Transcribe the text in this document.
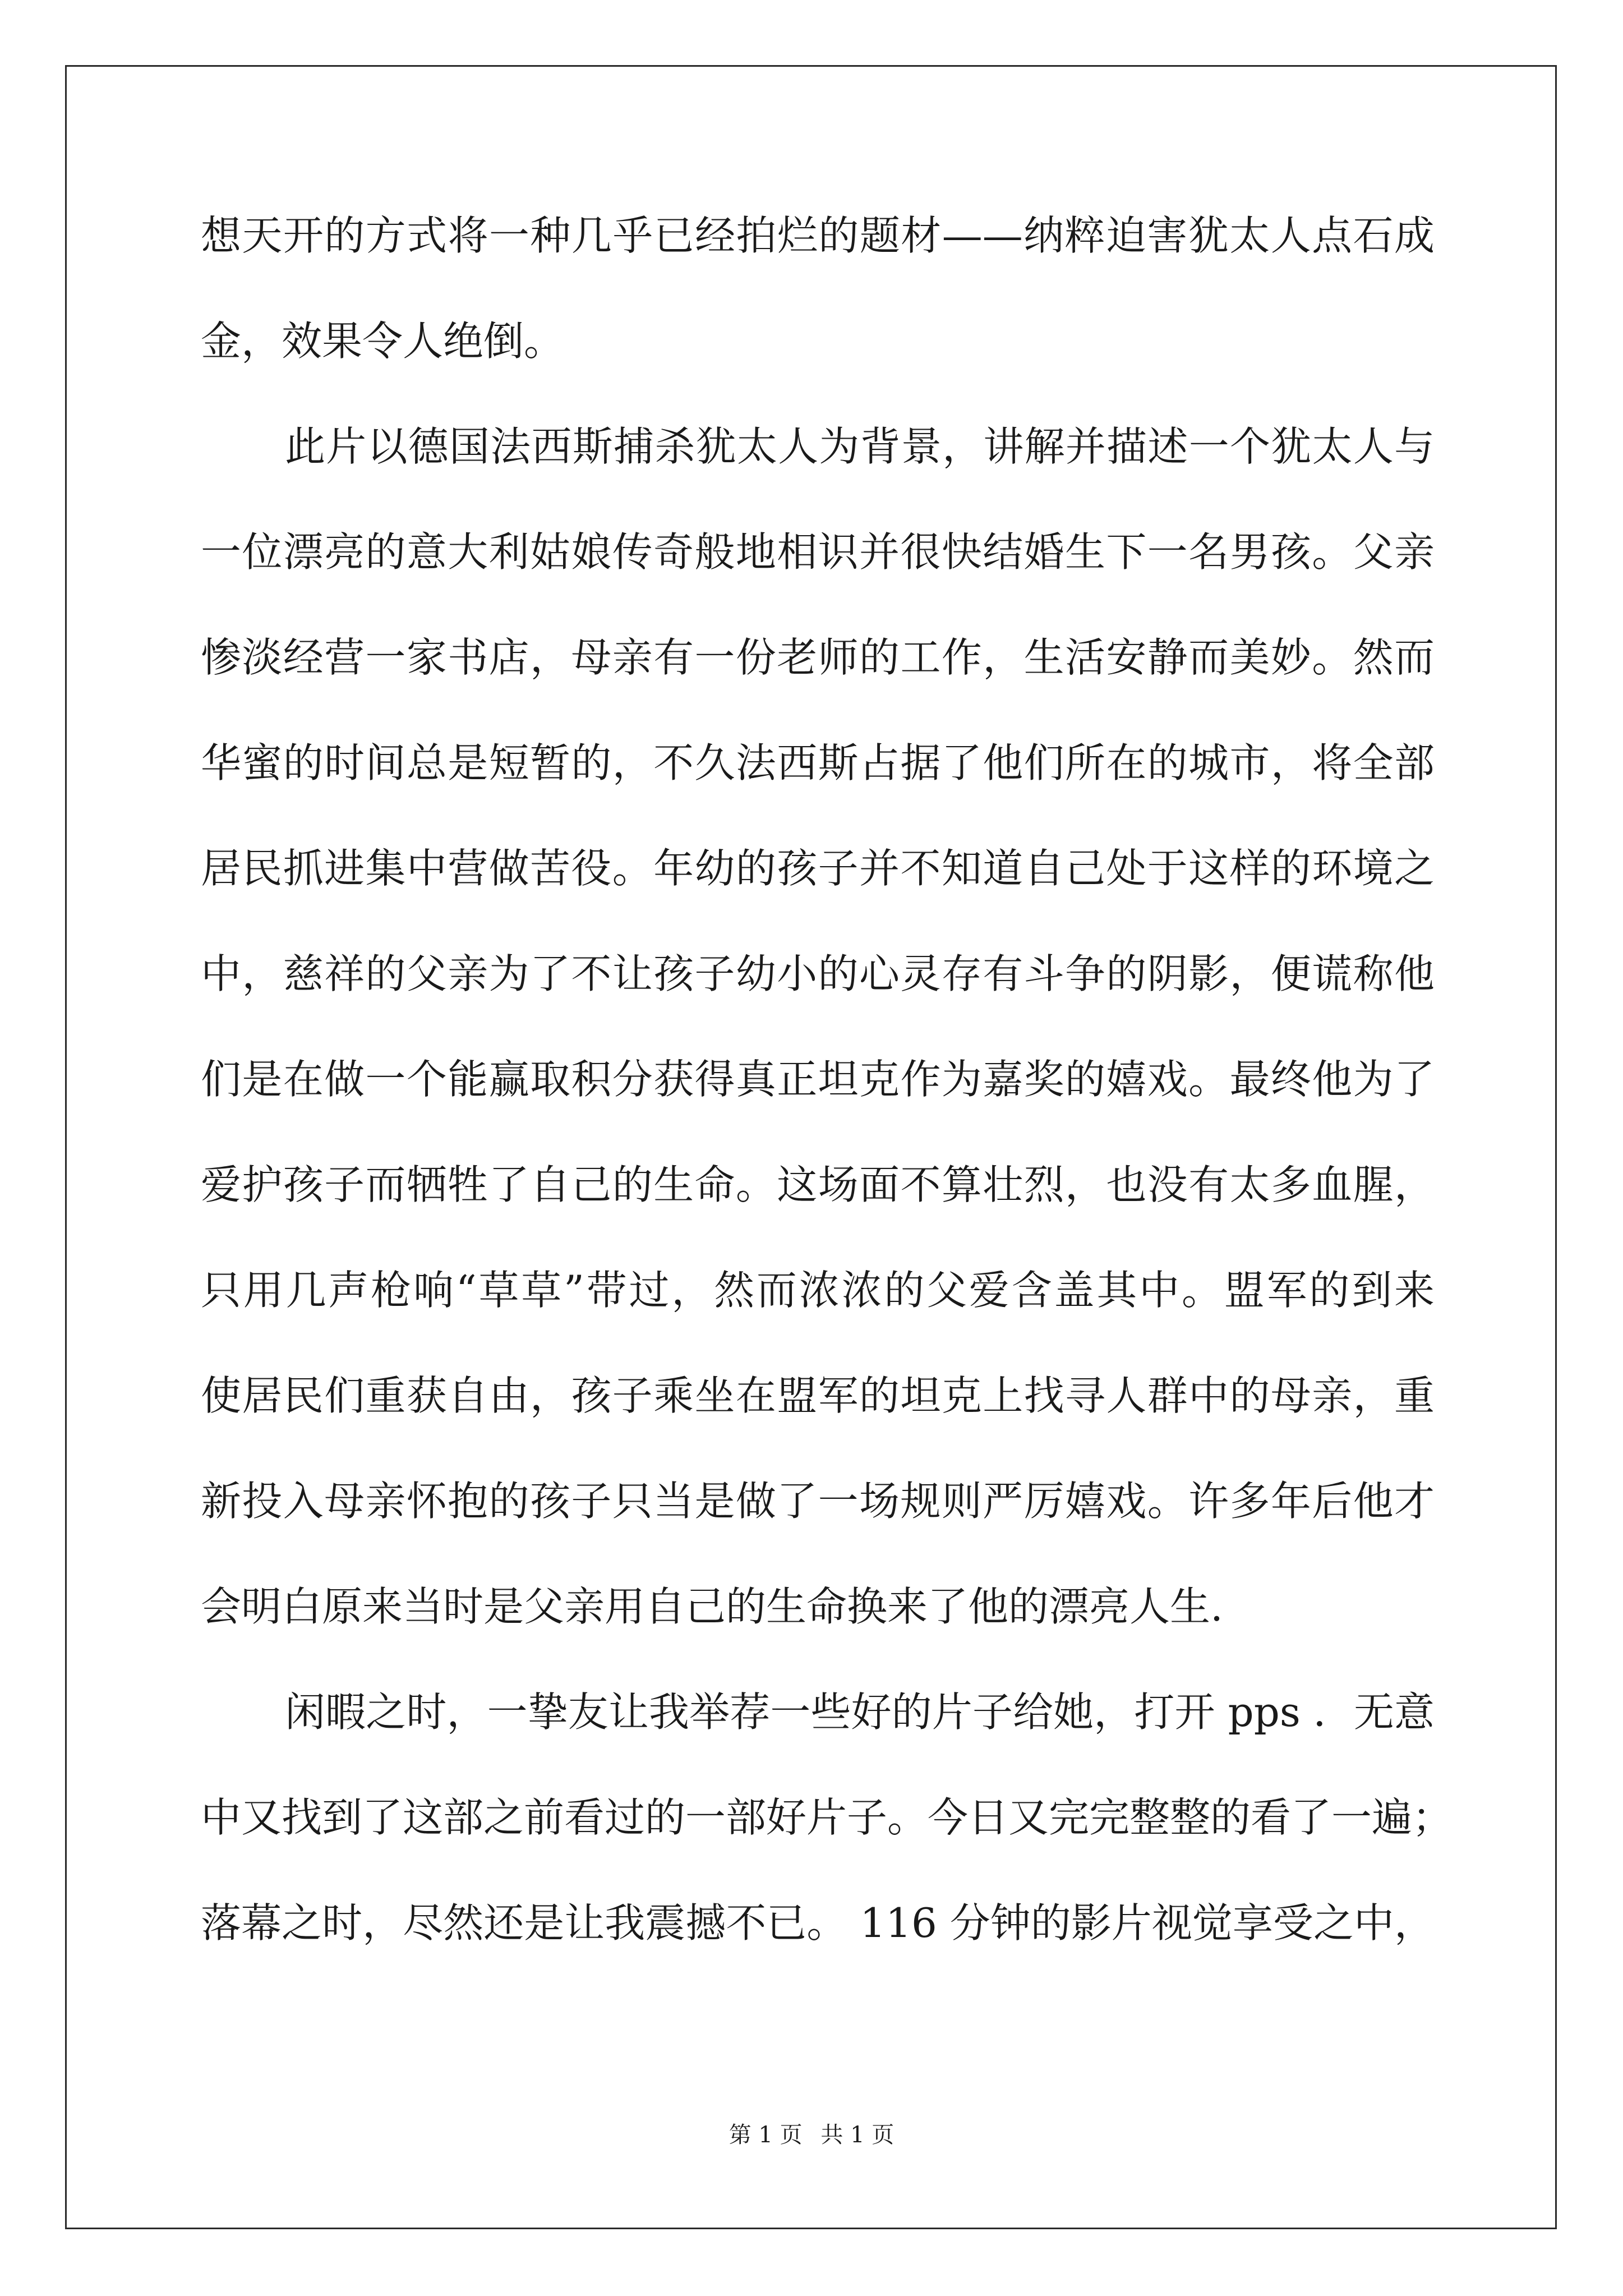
想天开的方式将一种几乎已经拍烂的题材——纳粹迫害犹太人点石成
金，效果令人绝倒。
此片以德国法西斯捕杀犹太人为背景，讲解并描述一个犹太人与
一位漂亮的意大利姑娘传奇般地相识并很快结婚生下一名男孩。父亲
惨淡经营一家书店，母亲有一份老师的工作，生活安静而美妙。然而
华蜜的时间总是短暂的，不久法西斯占据了他们所在的城市，将全部
居民抓进集中营做苦役。年幼的孩子并不知道自己处于这样的环境之
中，慈祥的父亲为了不让孩子幼小的心灵存有斗争的阴影，便谎称他
们是在做一个能赢取积分获得真正坦克作为嘉奖的嬉戏。最终他为了
爱护孩子而牺牲了自己的生命。这场面不算壮烈，也没有太多血腥，
只用几声枪响“草草”带过，然而浓浓的父爱含盖其中。盟军的到来
使居民们重获自由，孩子乘坐在盟军的坦克上找寻人群中的母亲，重
新投入母亲怀抱的孩子只当是做了一场规则严厉嬉戏。许多年后他才
会明白原来当时是父亲用自己的生命换来了他的漂亮人生.
闲暇之时，一挚友让我举荐一些好的片子给她，打开 pps ．无意
中又找到了这部之前看过的一部好片子。今日又完完整整的看了一遍；
落幕之时，尽然还是让我震撼不已。 116 分钟的影片视觉享受之中，
第 1 页 共 1 页
